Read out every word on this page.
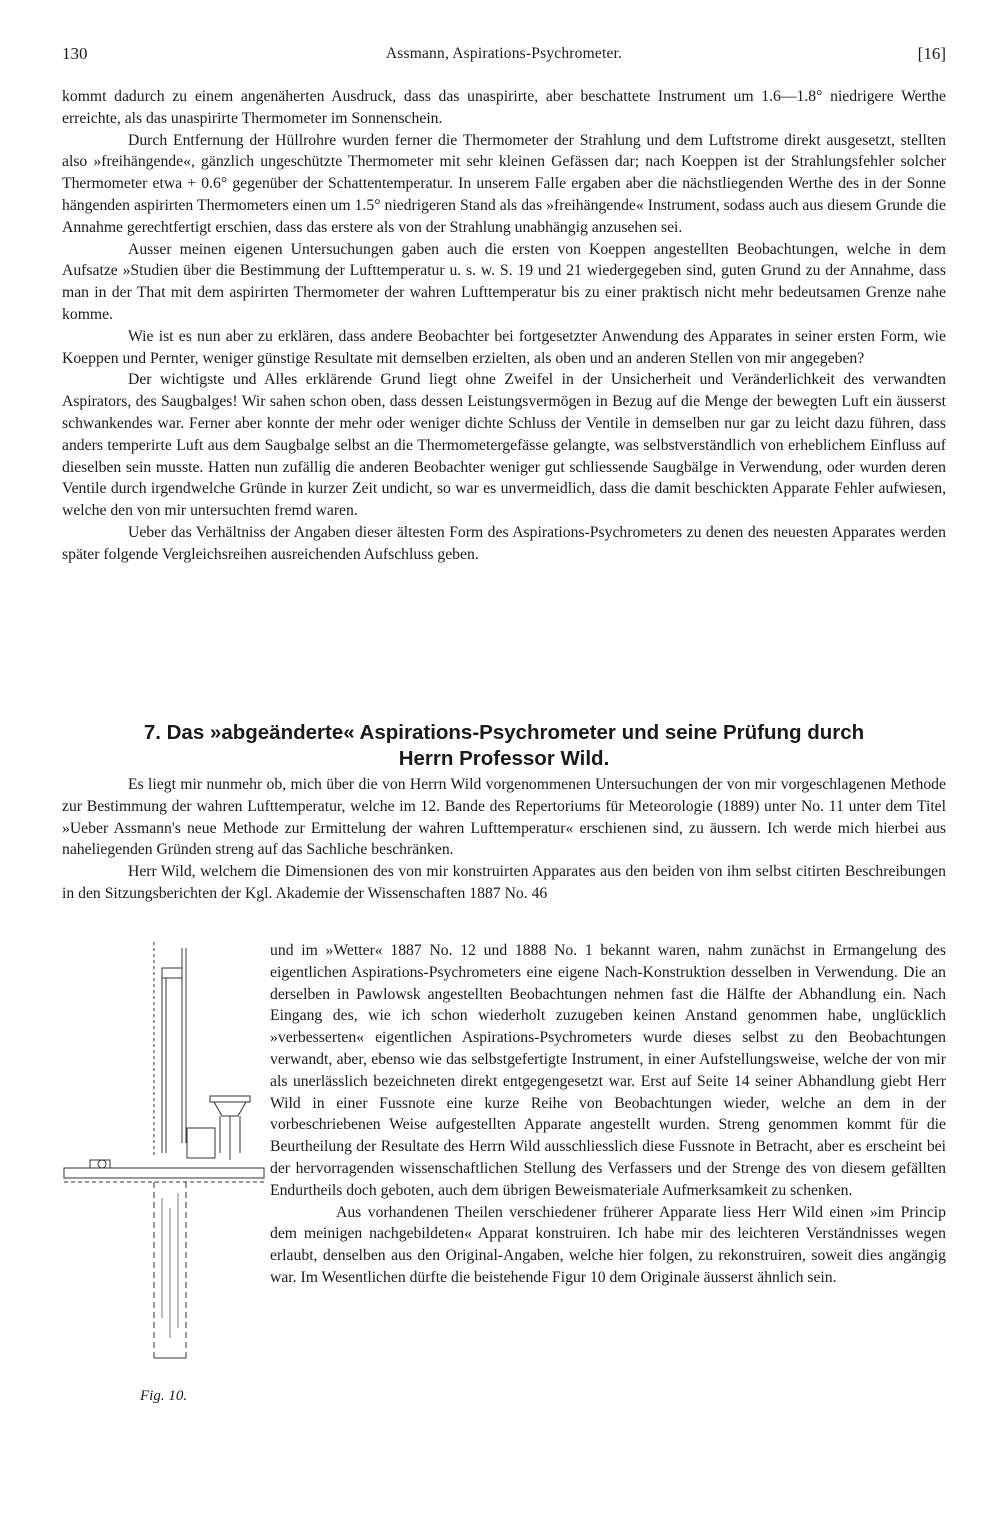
130	Assmann, Aspirations-Psychrometer.	[16]

kommt dadurch zu einem angenäherten Ausdruck, dass das unaspirirte, aber beschattete Instrument um 1.6—1.8° niedrigere Werthe erreichte, als das unaspirirte Thermometer im Sonnenschein.

Durch Entfernung der Hüllrohre wurden ferner die Thermometer der Strahlung und dem Luftstrome direkt ausgesetzt, stellten also »freihängende«, gänzlich ungeschützte Thermometer mit sehr kleinen Gefässen dar; nach Koeppen ist der Strahlungsfehler solcher Thermometer etwa + 0.6° gegenüber der Schattentemperatur. In unserem Falle ergaben aber die nächstliegenden Werthe des in der Sonne hängenden aspirirten Thermometers einen um 1.5° niedrigeren Stand als das »freihängende« Instrument, sodass auch aus diesem Grunde die Annahme gerechtfertigt erschien, dass das erstere als von der Strahlung unabhängig anzusehen sei.

Ausser meinen eigenen Untersuchungen gaben auch die ersten von Koeppen angestellten Beobachtungen, welche in dem Aufsatze »Studien über die Bestimmung der Lufttemperatur u. s. w. S. 19 und 21 wiedergegeben sind, guten Grund zu der Annahme, dass man in der That mit dem aspirirten Thermometer der wahren Lufttemperatur bis zu einer praktisch nicht mehr bedeutsamen Grenze nahe komme.

Wie ist es nun aber zu erklären, dass andere Beobachter bei fortgesetzter Anwendung des Apparates in seiner ersten Form, wie Koeppen und Pernter, weniger günstige Resultate mit demselben erzielten, als oben und an anderen Stellen von mir angegeben?

Der wichtigste und Alles erklärende Grund liegt ohne Zweifel in der Unsicherheit und Veränderlichkeit des verwandten Aspirators, des Saugbalges! Wir sahen schon oben, dass dessen Leistungsvermögen in Bezug auf die Menge der bewegten Luft ein äusserst schwankendes war. Ferner aber konnte der mehr oder weniger dichte Schluss der Ventile in demselben nur gar zu leicht dazu führen, dass anders temperirte Luft aus dem Saugbalge selbst an die Thermometergefässe gelangte, was selbstverständlich von erheblichem Einfluss auf dieselben sein musste. Hatten nun zufällig die anderen Beobachter weniger gut schliessende Saugbälge in Verwendung, oder wurden deren Ventile durch irgendwelche Gründe in kurzer Zeit undicht, so war es unvermeidlich, dass die damit beschickten Apparate Fehler aufwiesen, welche den von mir untersuchten fremd waren.

Ueber das Verhältniss der Angaben dieser ältesten Form des Aspirations-Psychrometers zu denen des neuesten Apparates werden später folgende Vergleichsreihen ausreichenden Aufschluss geben.

7. Das »abgeänderte« Aspirations-Psychrometer und seine Prüfung durch
Herrn Professor Wild.

Es liegt mir nunmehr ob, mich über die von Herrn Wild vorgenommenen Untersuchungen der von mir vorgeschlagenen Methode zur Bestimmung der wahren Lufttemperatur, welche im 12. Bande des Repertoriums für Meteorologie (1889) unter No. 11 unter dem Titel »Ueber Assmann's neue Methode zur Ermittelung der wahren Lufttemperatur« erschienen sind, zu äussern. Ich werde mich hierbei aus naheliegenden Gründen streng auf das Sachliche beschränken.

Herr Wild, welchem die Dimensionen des von mir konstruirten Apparates aus den beiden von ihm selbst citirten Beschreibungen in den Sitzungsberichten der Kgl. Akademie der Wissenschaften 1887 No. 46

Fig. 10.

und im »Wetter« 1887 No. 12 und 1888 No. 1 bekannt waren, nahm zunächst in Ermangelung des eigentlichen Aspirations-Psychrometers eine eigene Nach-Konstruktion desselben in Verwendung. Die an derselben in Pawlowsk angestellten Beobachtungen nehmen fast die Hälfte der Abhandlung ein. Nach Eingang des, wie ich schon wiederholt zuzugeben keinen Anstand genommen habe, unglücklich »verbesserten« eigentlichen Aspirations-Psychrometers wurde dieses selbst zu den Beobachtungen verwandt, aber, ebenso wie das selbstgefertigte Instrument, in einer Aufstellungsweise, welche der von mir als unerlässlich bezeichneten direkt entgegengesetzt war. Erst auf Seite 14 seiner Abhandlung giebt Herr Wild in einer Fussnote eine kurze Reihe von Beobachtungen wieder, welche an dem in der vorbeschriebenen Weise aufgestellten Apparate angestellt wurden. Streng genommen kommt für die Beurtheilung der Resultate des Herrn Wild ausschliesslich diese Fussnote in Betracht, aber es erscheint bei der hervorragenden wissenschaftlichen Stellung des Verfassers und der Strenge des von diesem gefällten Endurtheils doch geboten, auch dem übrigen Beweismateriale Aufmerksamkeit zu schenken.

Aus vorhandenen Theilen verschiedener früherer Apparate liess Herr Wild einen »im Princip dem meinigen nachgebildeten« Apparat konstruiren. Ich habe mir des leichteren Verständnisses wegen erlaubt, denselben aus den Original-Angaben, welche hier folgen, zu rekonstruiren, soweit dies angängig war. Im Wesentlichen dürfte die beistehende Figur 10 dem Originale äusserst ähnlich sein.
